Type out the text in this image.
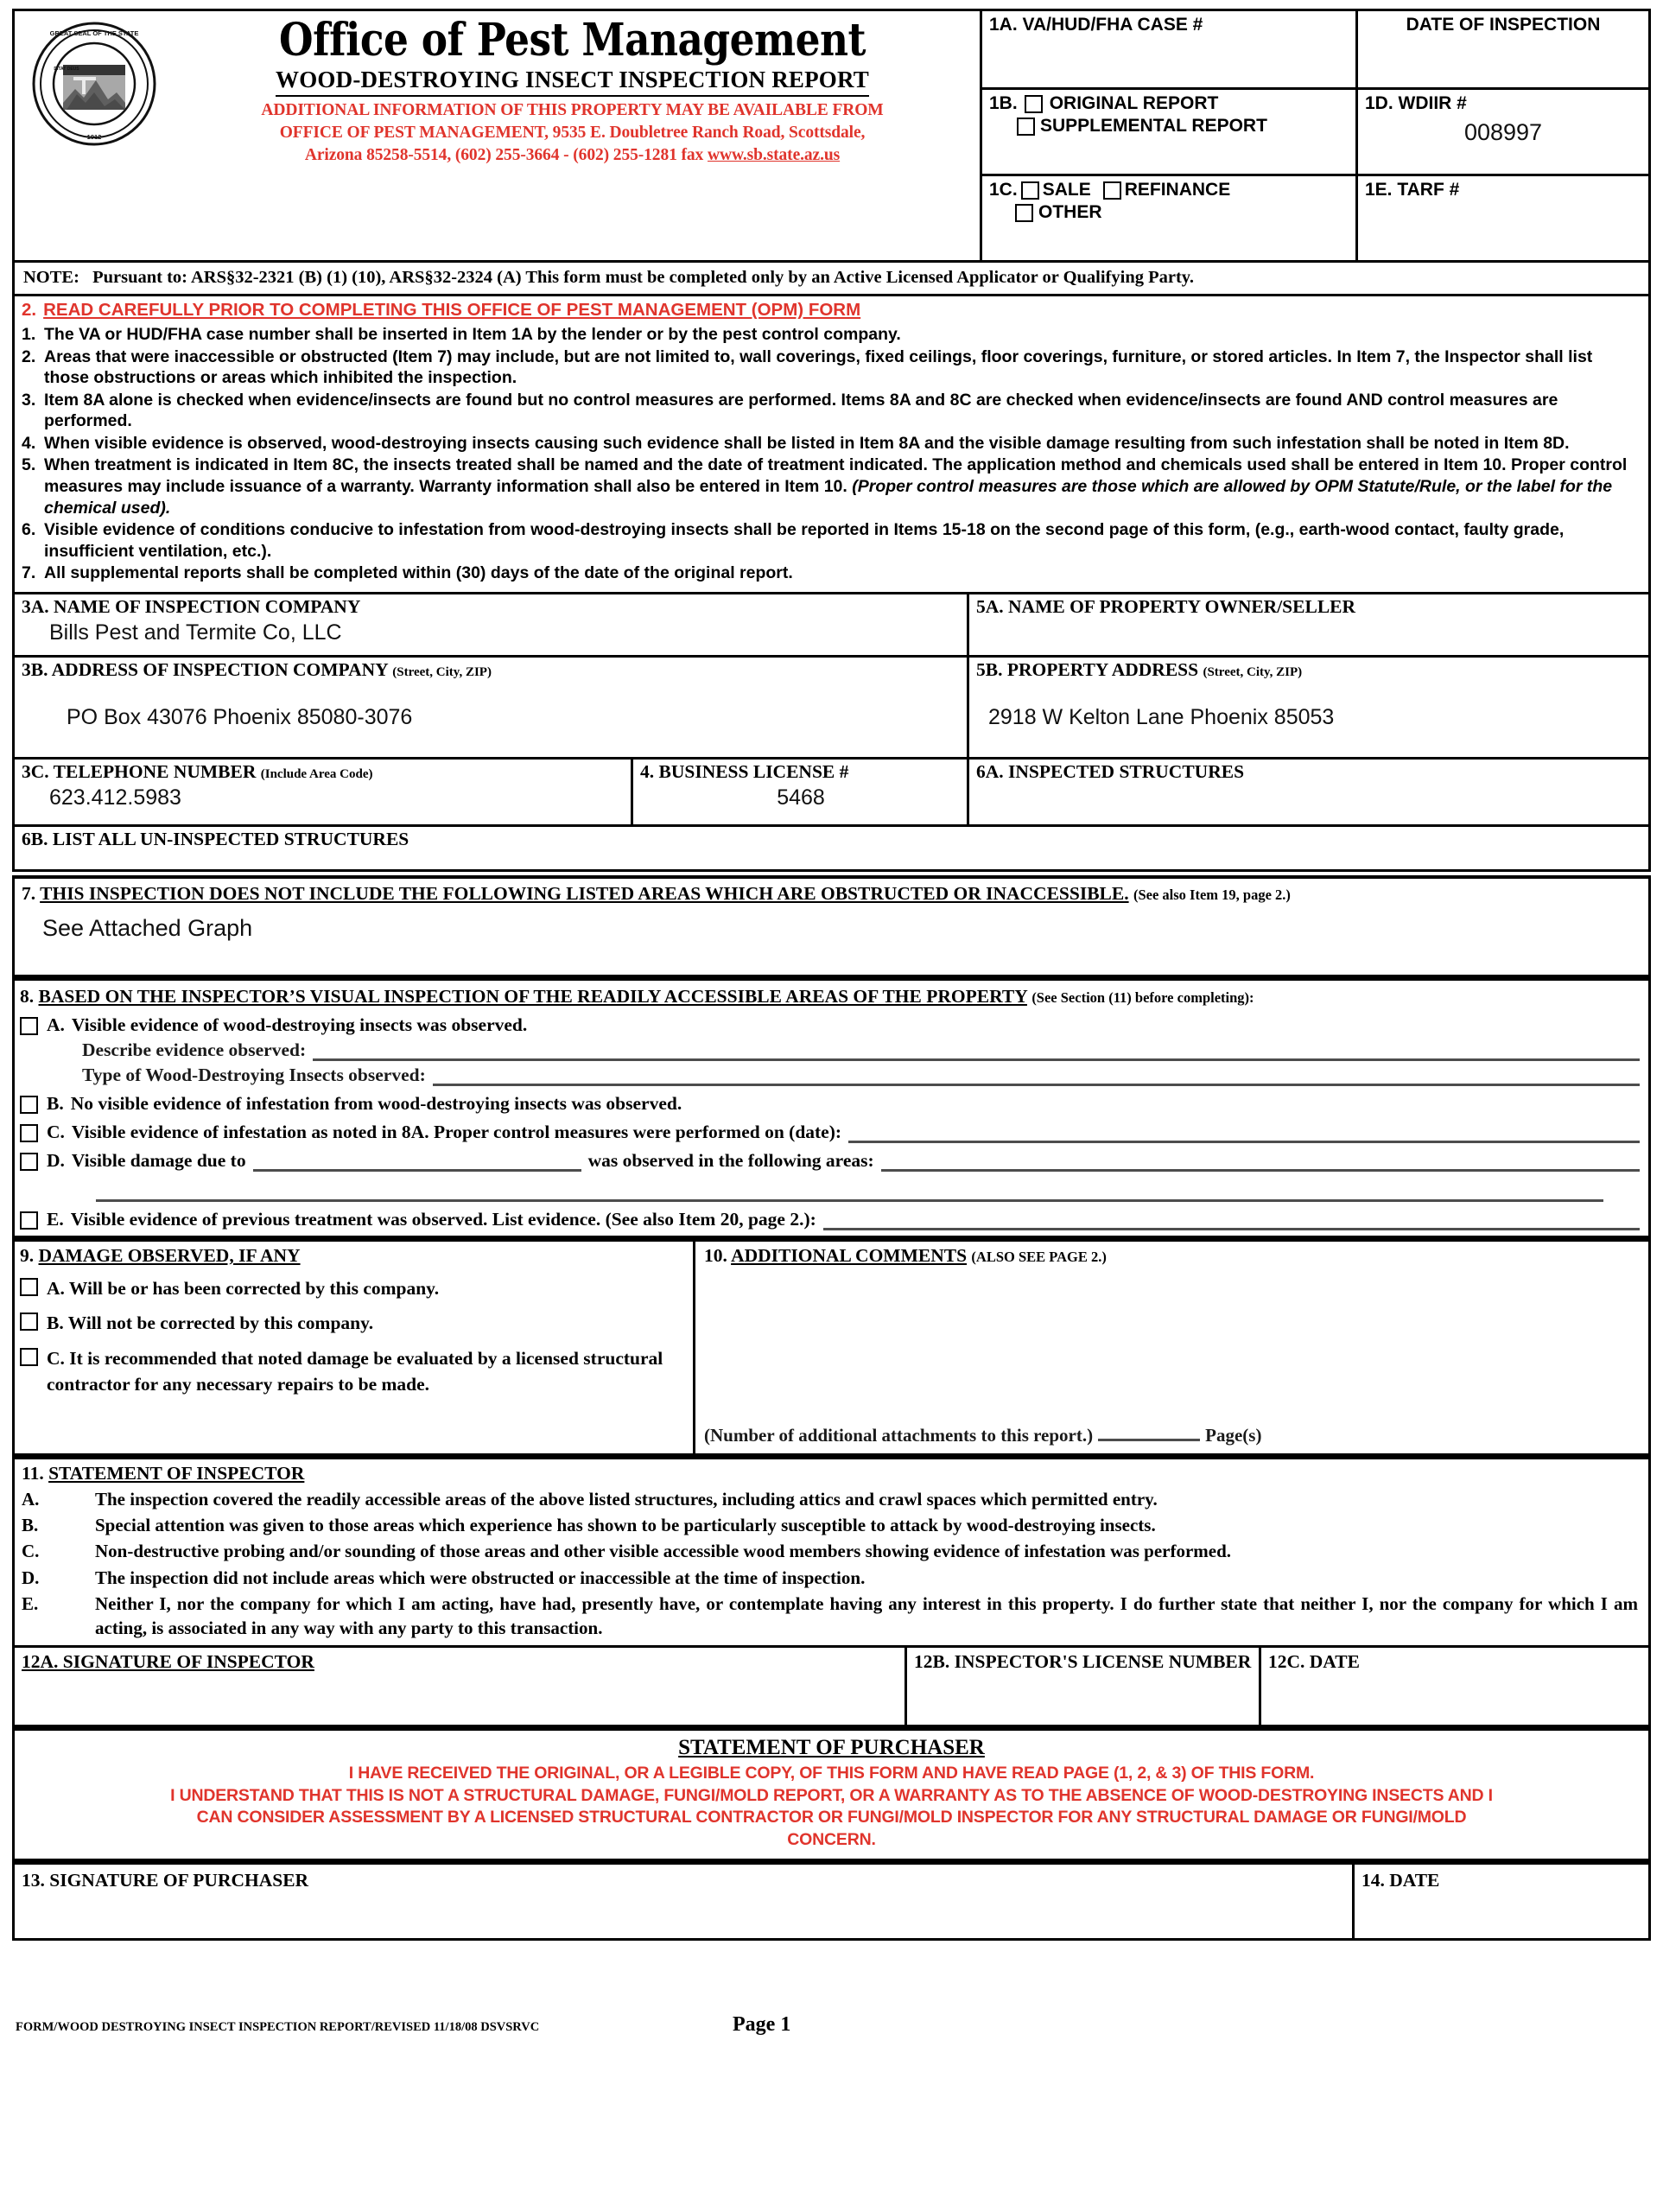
GREAT SEAL OF THE STATE
1912
DITAT DEUS
Office of Pest Management
WOOD-DESTROYING INSECT INSPECTION REPORT
ADDITIONAL INFORMATION OF THIS PROPERTY MAY BE AVAILABLE FROM
OFFICE OF PEST MANAGEMENT, 9535 E. Doubletree Ranch Road, Scottsdale,
Arizona 85258-5514, (602) 255-3664 - (602) 255-1281 fax www.sb.state.az.us
1A. VA/HUD/FHA CASE #	DATE OF INSPECTION
1B. ORIGINAL REPORT
SUPPLEMENTAL REPORT
1D. WDIIR #
008997
1C. SALE REFINANCE
OTHER
1E. TARF #
NOTE: Pursuant to: ARS§32-2321 (B) (1) (10), ARS§32-2324 (A) This form must be completed only by an Active Licensed Applicator or Qualifying Party.
2. READ CAREFULLY PRIOR TO COMPLETING THIS OFFICE OF PEST MANAGEMENT (OPM) FORM
1. The VA or HUD/FHA case number shall be inserted in Item 1A by the lender or by the pest control company.
2. Areas that were inaccessible or obstructed (Item 7) may include, but are not limited to, wall coverings, fixed ceilings, floor coverings, furniture, or stored articles. In Item 7, the Inspector shall list those obstructions or areas which inhibited the inspection.
3. Item 8A alone is checked when evidence/insects are found but no control measures are performed. Items 8A and 8C are checked when evidence/insects are found AND control measures are performed.
4. When visible evidence is observed, wood-destroying insects causing such evidence shall be listed in Item 8A and the visible damage resulting from such infestation shall be noted in Item 8D.
5. When treatment is indicated in Item 8C, the insects treated shall be named and the date of treatment indicated. The application method and chemicals used shall be entered in Item 10. Proper control measures may include issuance of a warranty. Warranty information shall also be entered in Item 10. (Proper control measures are those which are allowed by OPM Statute/Rule, or the label for the chemical used).
6. Visible evidence of conditions conducive to infestation from wood-destroying insects shall be reported in Items 15-18 on the second page of this form, (e.g., earth-wood contact, faulty grade, insufficient ventilation, etc.).
7. All supplemental reports shall be completed within (30) days of the date of the original report.
3A. NAME OF INSPECTION COMPANY
Bills Pest and Termite Co, LLC
5A. NAME OF PROPERTY OWNER/SELLER
3B. ADDRESS OF INSPECTION COMPANY (Street, City, ZIP)
PO Box 43076 Phoenix 85080-3076
5B. PROPERTY ADDRESS (Street, City, ZIP)
2918 W Kelton Lane Phoenix 85053
3C. TELEPHONE NUMBER (Include Area Code)
623.412.5983
4. BUSINESS LICENSE #
5468
6A. INSPECTED STRUCTURES
6B. LIST ALL UN-INSPECTED STRUCTURES
7. THIS INSPECTION DOES NOT INCLUDE THE FOLLOWING LISTED AREAS WHICH ARE OBSTRUCTED OR INACCESSIBLE. (See also Item 19, page 2.)
See Attached Graph
8. BASED ON THE INSPECTOR’S VISUAL INSPECTION OF THE READILY ACCESSIBLE AREAS OF THE PROPERTY (See Section (11) before completing):
A. Visible evidence of wood-destroying insects was observed.
Describe evidence observed:
Type of Wood-Destroying Insects observed:
B. No visible evidence of infestation from wood-destroying insects was observed.
C. Visible evidence of infestation as noted in 8A. Proper control measures were performed on (date):
D. Visible damage due to	was observed in the following areas:
E. Visible evidence of previous treatment was observed. List evidence. (See also Item 20, page 2.):
9. DAMAGE OBSERVED, IF ANY
A. Will be or has been corrected by this company.
B. Will not be corrected by this company.
C. It is recommended that noted damage be evaluated by a licensed structural contractor for any necessary repairs to be made.
10. ADDITIONAL COMMENTS (ALSO SEE PAGE 2.)
(Number of additional attachments to this report.)	Page(s)
11. STATEMENT OF INSPECTOR
A.	The inspection covered the readily accessible areas of the above listed structures, including attics and crawl spaces which permitted entry.
B.	Special attention was given to those areas which experience has shown to be particularly susceptible to attack by wood-destroying insects.
C.	Non-destructive probing and/or sounding of those areas and other visible accessible wood members showing evidence of infestation was performed.
D.	The inspection did not include areas which were obstructed or inaccessible at the time of inspection.
E.	Neither I, nor the company for which I am acting, have had, presently have, or contemplate having any interest in this property. I do further state that neither I, nor the company for which I am acting, is associated in any way with any party to this transaction.
12A. SIGNATURE OF INSPECTOR	12B. INSPECTOR'S LICENSE NUMBER 12C. DATE
STATEMENT OF PURCHASER
I HAVE RECEIVED THE ORIGINAL, OR A LEGIBLE COPY, OF THIS FORM AND HAVE READ PAGE (1, 2, & 3) OF THIS FORM.
I UNDERSTAND THAT THIS IS NOT A STRUCTURAL DAMAGE, FUNGI/MOLD REPORT, OR A WARRANTY AS TO THE ABSENCE OF WOOD-DESTROYING INSECTS AND I
CAN CONSIDER ASSESSMENT BY A LICENSED STRUCTURAL CONTRACTOR OR FUNGI/MOLD INSPECTOR FOR ANY STRUCTURAL DAMAGE OR FUNGI/MOLD
CONCERN.
13. SIGNATURE OF PURCHASER	14. DATE
FORM/WOOD DESTROYING INSECT INSPECTION REPORT/REVISED 11/18/08 DSVSRVC	Page 1
